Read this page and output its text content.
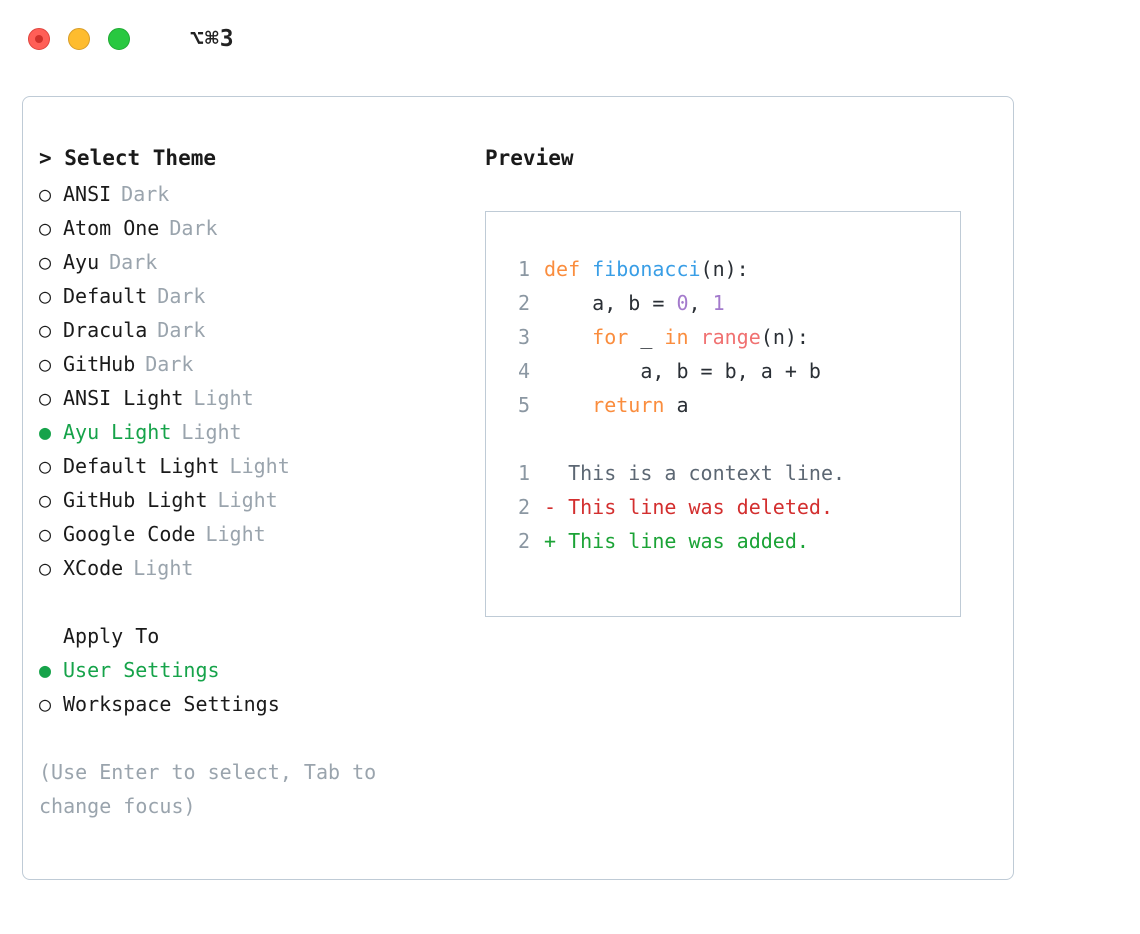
⌥⌘3
> Select Theme
○ ANSI Dark
○ Atom One Dark
○ Ayu Dark
○ Default Dark
○ Dracula Dark
○ GitHub Dark
○ ANSI Light Light
● Ayu Light Light
○ Default Light Light
○ GitHub Light Light
○ Google Code Light
○ XCode Light
Apply To
● User Settings
○ Workspace Settings
(Use Enter to select, Tab to change focus)
Preview
1 def fibonacci (n):
2 a, b = 0 , 1
3
	for _ in
range (n):
4 a, b = b, a + b
5
	return a
1 This is a context line.
2 - This line was deleted.
2 + This line was added.
